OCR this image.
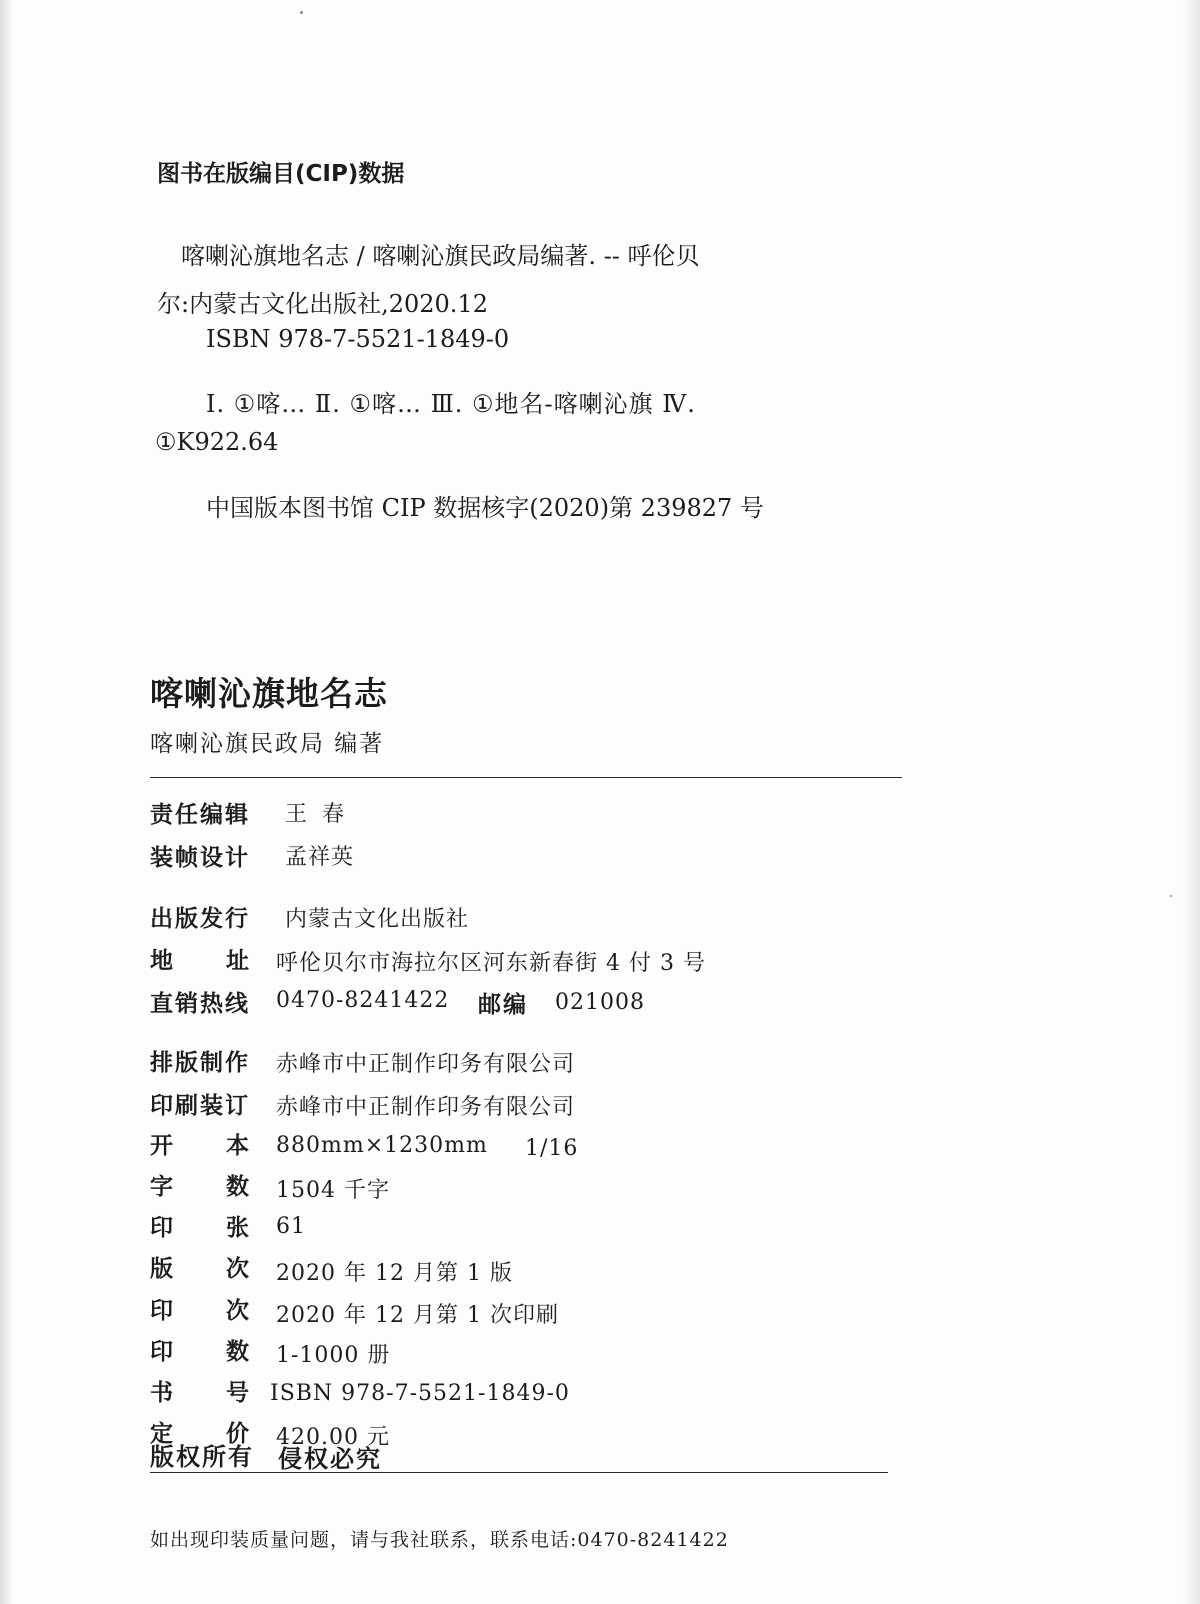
图书在版编目(CIP)数据
喀喇沁旗地名志 / 喀喇沁旗民政局编著. -- 呼伦贝
尔:内蒙古文化出版社,2020.12
ISBN 978-7-5521-1849-0
Ⅰ. ①喀… Ⅱ. ①喀… Ⅲ. ①地名-喀喇沁旗 Ⅳ.
①K922.64
中国版本图书馆 CIP 数据核字(2020)第 239827 号
喀喇沁旗地名志
喀喇沁旗民政局 编著
责任编辑 王 春
装帧设计 孟祥英
出版发行 内蒙古文化出版社
地 址 呼伦贝尔市海拉尔区河东新春街 4 付 3 号
直销热线 0470-8241422 邮编 021008
排版制作 赤峰市中正制作印务有限公司
印刷装订 赤峰市中正制作印务有限公司
开 本 880mm×1230mm 1/16
字 数 1504 千字
印 张 61
版 次 2020 年 12 月第 1 版
印 次 2020 年 12 月第 1 次印刷
印 数 1-1000 册
书 号 ISBN 978-7-5521-1849-0
定 价 420.00 元
版权所有 侵权必究
如出现印装质量问题，请与我社联系，联系电话:0470-8241422
